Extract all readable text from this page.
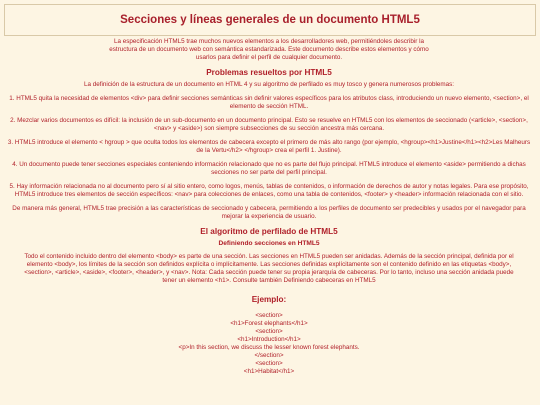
Secciones y líneas generales de un documento HTML5

La especificación HTML5 trae muchos nuevos elementos a los desarrolladores web, permitiéndoles describir la estructura de un documento web con semántica estandarizada. Este documento describe estos elementos y cómo usarlos para definir el perfil de cualquier documento.

Problemas resueltos por HTML5

La definición de la estructura de un documento en HTML 4 y su algoritmo de perfilado es muy tosco y genera numerosos problemas:

1. HTML5 quita la necesidad de elementos <div> para definir secciones semánticas sin definir valores específicos para los atributos class, introduciendo un nuevo elemento, <section>, el elemento de sección HTML.

2. Mezclar varios documentos es difícil: la inclusión de un sub-documento en un documento principal. Esto se resuelve en HTML5 con los elementos de seccionado (<article>, <section>, <nav> y <aside>) son siempre subsecciones de su sección ancestra más cercana.

3. HTML5 introduce el elemento < hgroup > que oculta todos los elementos de cabecera excepto el primero de más alto rango (por ejemplo, <hgroup><h1>Justine</h1><h2>Les Malheurs de la Vertu</h2> </hgroup> crea el perfil 1. Justine).

4. Un documento puede tener secciones especiales conteniendo información relacionado que no es parte del flujo principal. HTML5 introduce el elemento <aside> permitiendo a dichas secciones no ser parte del perfil principal.

5. Hay información relacionada no al documento pero sí al sitio entero, como logos, menús, tablas de contenidos, o información de derechos de autor y notas legales. Para ese propósito, HTML5 introduce tres elementos de sección específicos: <nav> para colecciones de enlaces, como una tabla de contenidos, <footer> y <header> información relacionada con el sitio.

De manera más general, HTML5 trae precisión a las características de seccionado y cabecera, permitiendo a los perfiles de documento ser predecibles y usados por el navegador para mejorar la experiencia de usuario.

El algoritmo de perfilado de HTML5
Definiendo secciones en HTML5

Todo el contenido incluido dentro del elemento <body> es parte de una sección. Las secciones en HTML5 pueden ser anidadas. Además de la sección principal, definida por el elemento <body>, los límites de la sección son definidos explícita o implícitamente. Las secciones definidas explícitamente son el contenido definido en las etiquetas <body>, <section>, <article>, <aside>, <footer>, <header>, y <nav>. Nota: Cada sección puede tener su propia jerarquía de cabeceras. Por lo tanto, incluso una sección anidada puede tener un elemento <h1>. Consulte también Definiendo cabeceras en HTML5

Ejemplo:
<section>
<h1>Forest elephants</h1>
<section>
<h1>Introduction</h1>
<p>In this section, we discuss the lesser known forest elephants.
</section>
<section>
<h1>Habitat</h1>
